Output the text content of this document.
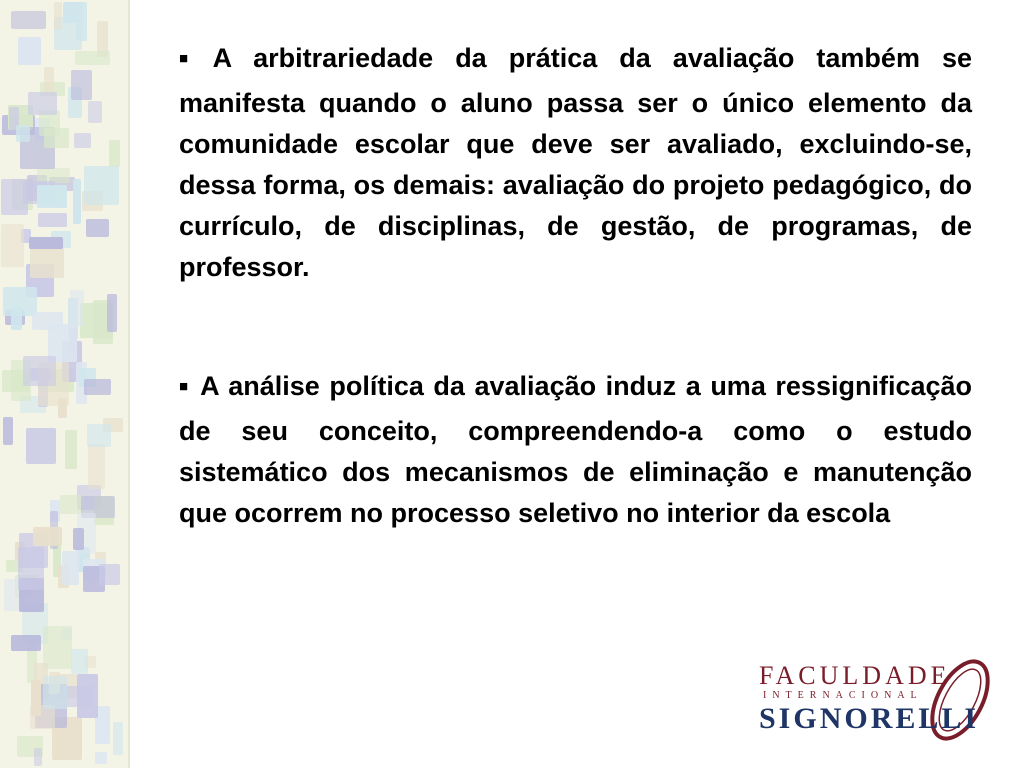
■ A arbitrariedade da prática da avaliação também se manifesta quando o aluno passa ser o único elemento da comunidade escolar que deve ser avaliado, excluindo-se, dessa forma, os demais: avaliação do projeto pedagógico, do currículo, de disciplinas, de gestão, de programas, de professor.

■ A análise política da avaliação induz a uma ressignificação de seu conceito, compreendendo-a como o estudo sistemático dos mecanismos de eliminação e manutenção que ocorrem no processo seletivo no interior da escola

FACULDADE
INTERNACIONAL
SIGNORELLI
